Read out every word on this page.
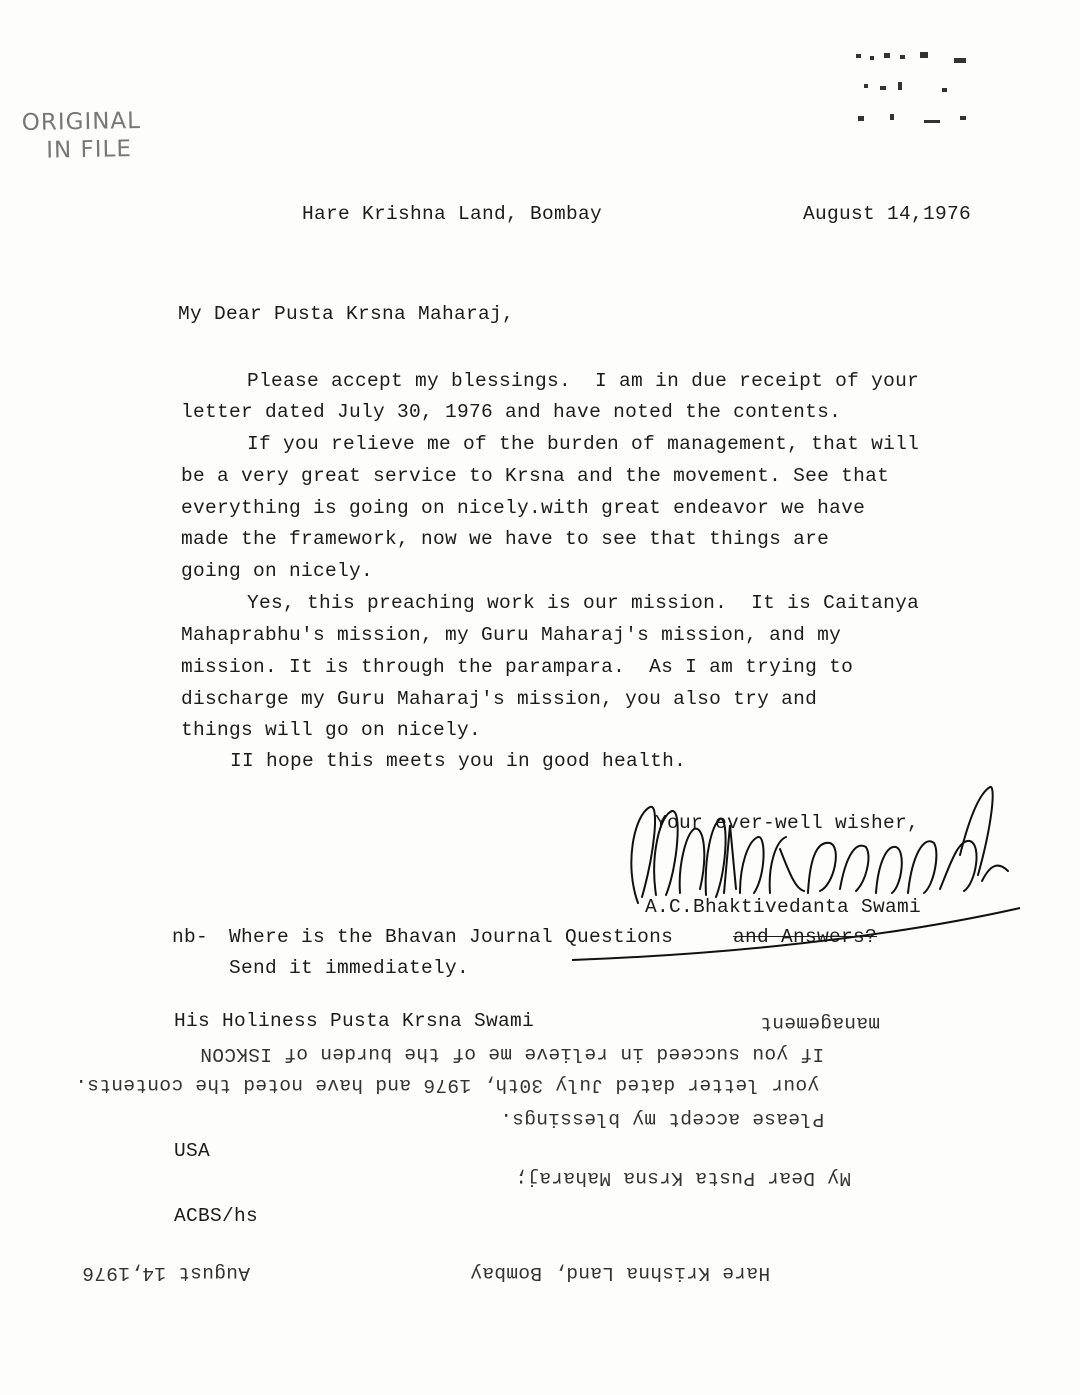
ORIGINAL
IN FILE
Hare Krishna Land, Bombay	August 14,1976
My Dear Pusta Krsna Maharaj,
Please accept my blessings.  I am in due receipt of your
letter dated July 30, 1976 and have noted the contents.
If you relieve me of the burden of management, that will
be a very great service to Krsna and the movement. See that
everything is going on nicely.with great endeavor we have
made the framework, now we have to see that things are
going on nicely.
Yes, this preaching work is our mission.  It is Caitanya
Mahaprabhu's mission, my Guru Maharaj's mission, and my
mission. It is through the parampara.  As I am trying to
discharge my Guru Maharaj's mission, you also try and
things will go on nicely.
II hope this meets you in good health.
Your ever-well wisher,
A.C.Bhaktivedanta Swami
nb- Where is the Bhavan Journal Questions	and Answers?
Send it immediately.
His Holiness Pusta Krsna Swami
USA
ACBS/hs
management
If you succeed in relieve me of the burden of ISKCON
your letter dated July 30th, 1976 and have noted the contents.
Please accept my blessings.
My Dear Pusta Krsna Maharaj;
Hare Krishna Land, Bombay
August 14,1976
